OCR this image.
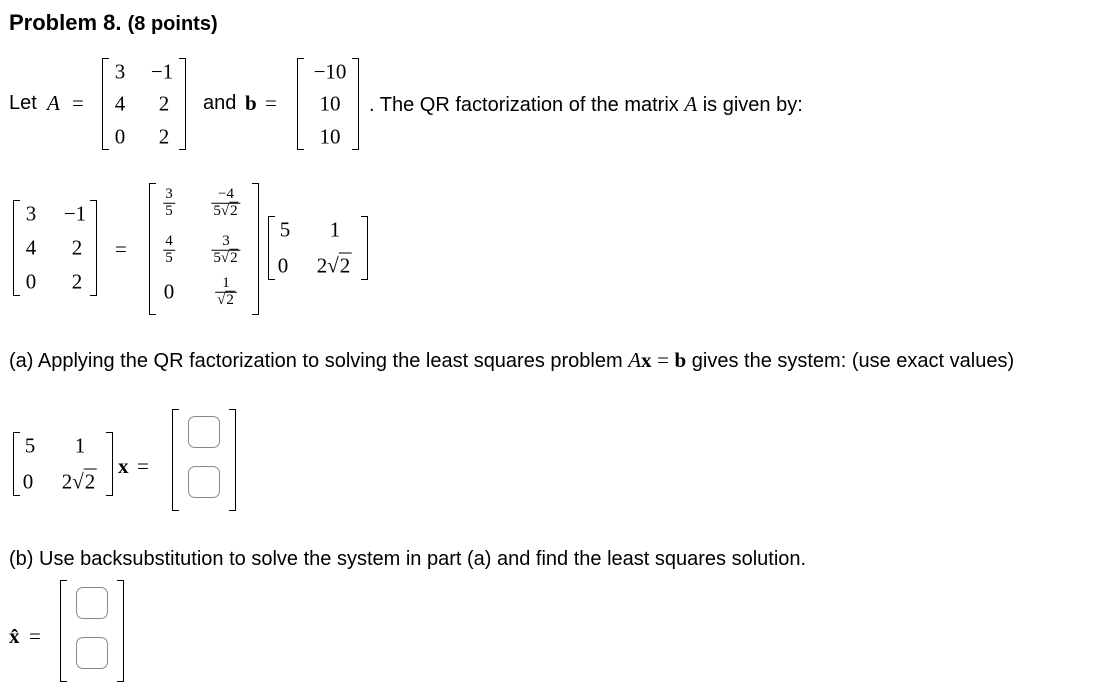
Problem 8. (8 points)
Let A =
3 −1
4 2
0 2
and b =
−10
10
10
. The QR factorization of the matrix A is given by:
3 −1
4 2
0 2
=
$\frac{3}{5}$
$\frac{4}{5}$
0
$\frac{-4}{5√2}$
$\frac{3}{5√2}$
$\frac{1}{√2}$
5 1
0 2√2
(a) Applying the QR factorization to solving the least squares problem Ax = b gives the system: (use exact values)
5 1
0 2√2
x =
(b) Use backsubstitution to solve the system in part (a) and find the least squares solution.
x̂ =
